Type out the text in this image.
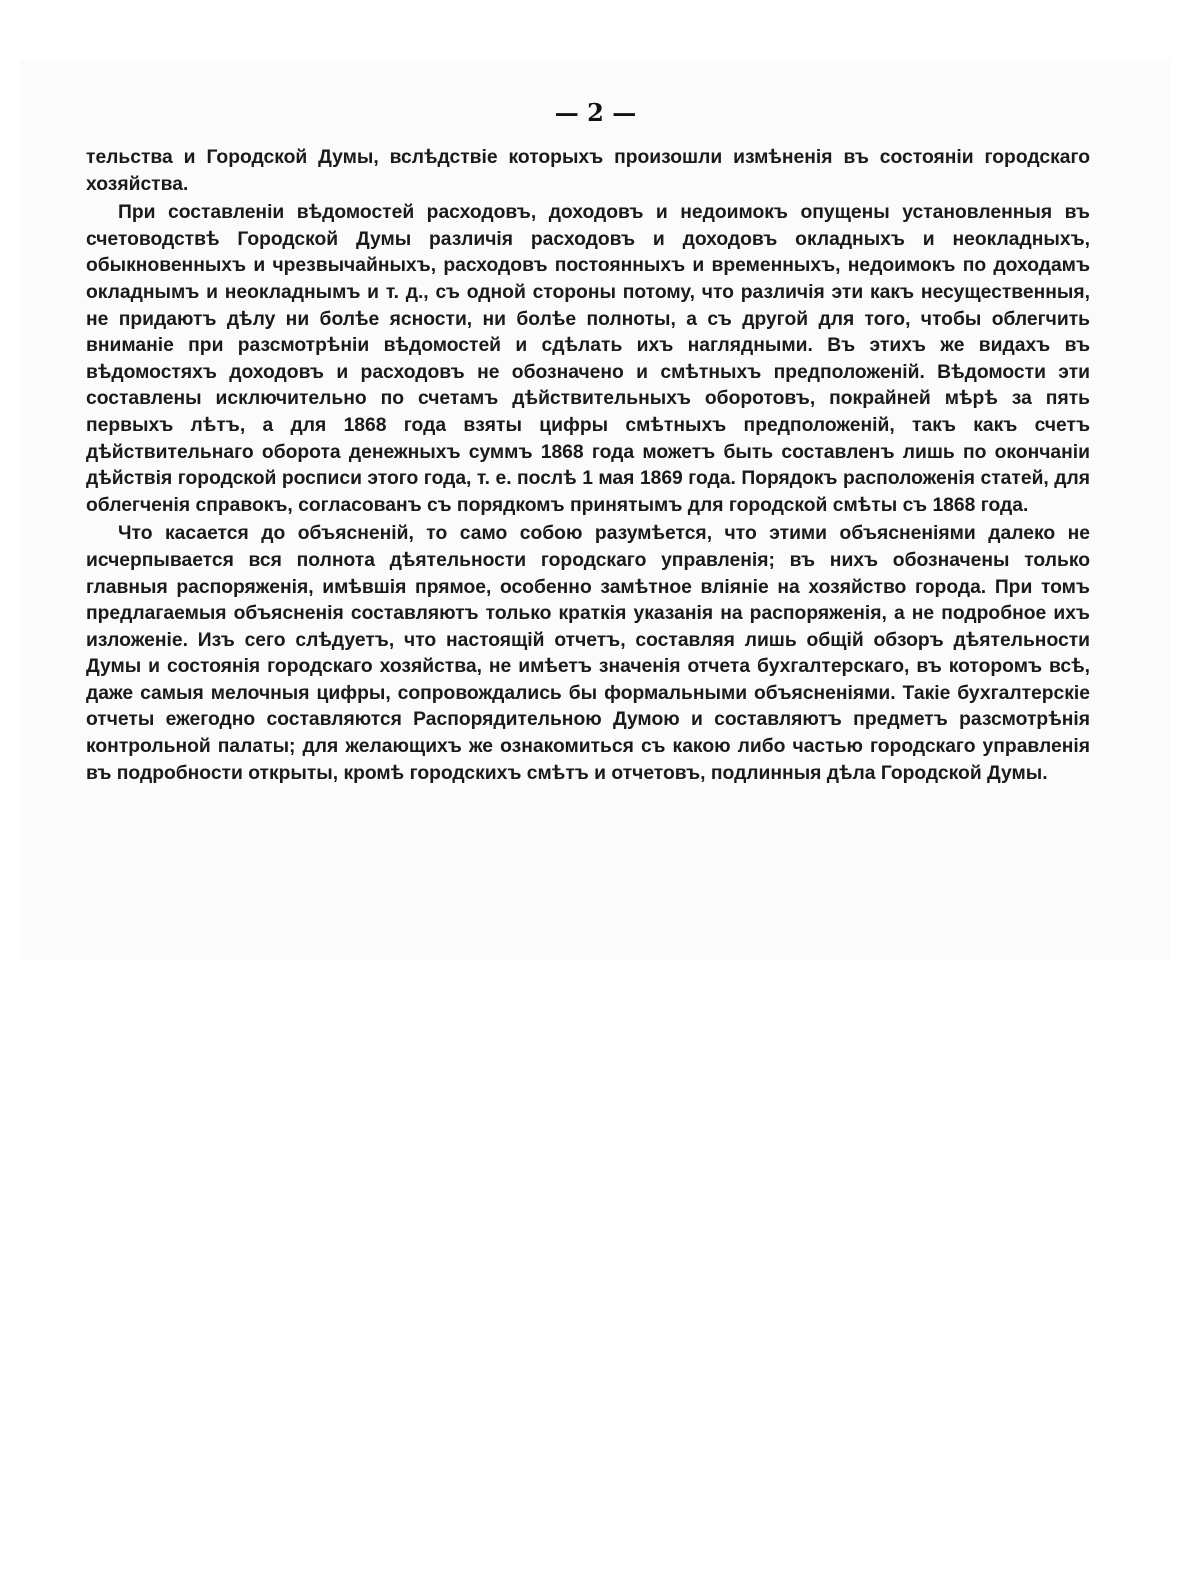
— 2 —

тельства и Городской Думы, вслѣдствіе которыхъ произошли измѣненія въ состояніи городскаго хозяйства.

При составленіи вѣдомостей расходовъ, доходовъ и недоимокъ опущены установленныя въ счетоводствѣ Городской Думы различія расходовъ и доходовъ окладныхъ и неокладныхъ, обыкновенныхъ и чрезвычайныхъ, расходовъ постоянныхъ и временныхъ, недоимокъ по доходамъ окладнымъ и неокладнымъ и т. д., съ одной стороны потому, что различія эти какъ несущественныя, не придаютъ дѣлу ни болѣе ясности, ни болѣе полноты, а съ другой для того, чтобы облегчить вниманіе при разсмотрѣніи вѣдомостей и сдѣлать ихъ наглядными. Въ этихъ же видахъ въ вѣдомостяхъ доходовъ и расходовъ не обозначено и смѣтныхъ предположеній. Вѣдомости эти составлены исключительно по счетамъ дѣйствительныхъ оборотовъ, покрайней мѣрѣ за пять первыхъ лѣтъ, а для 1868 года взяты цифры смѣтныхъ предположеній, такъ какъ счетъ дѣйствительнаго оборота денежныхъ суммъ 1868 года можетъ быть составленъ лишь по окончаніи дѣйствія городской росписи этого года, т. е. послѣ 1 мая 1869 года. Порядокъ расположенія статей, для облегченія справокъ, согласованъ съ порядкомъ принятымъ для городской смѣты съ 1868 года.

Что касается до объясненій, то само собою разумѣется, что этими объясненіями далеко не исчерпывается вся полнота дѣятельности городскаго управленія; въ нихъ обозначены только главныя распоряженія, имѣвшія прямое, особенно замѣтное вліяніе на хозяйство города. При томъ предлагаемыя объясненія составляютъ только краткія указанія на распоряженія, а не подробное ихъ изложеніе. Изъ сего слѣдуетъ, что настоящій отчетъ, составляя лишь общій обзоръ дѣятельности Думы и состоянія городскаго хозяйства, не имѣетъ значенія отчета бухгалтерскаго, въ которомъ всѣ, даже самыя мелочныя цифры, сопровождались бы формальными объясненіями. Такіе бухгалтерскіе отчеты ежегодно составляются Распорядительною Думою и составляютъ предметъ разсмотрѣнія контрольной палаты; для желающихъ же ознакомиться съ какою либо частью городскаго управленія въ подробности открыты, кромѣ городскихъ смѣтъ и отчетовъ, подлинныя дѣла Городской Думы.
